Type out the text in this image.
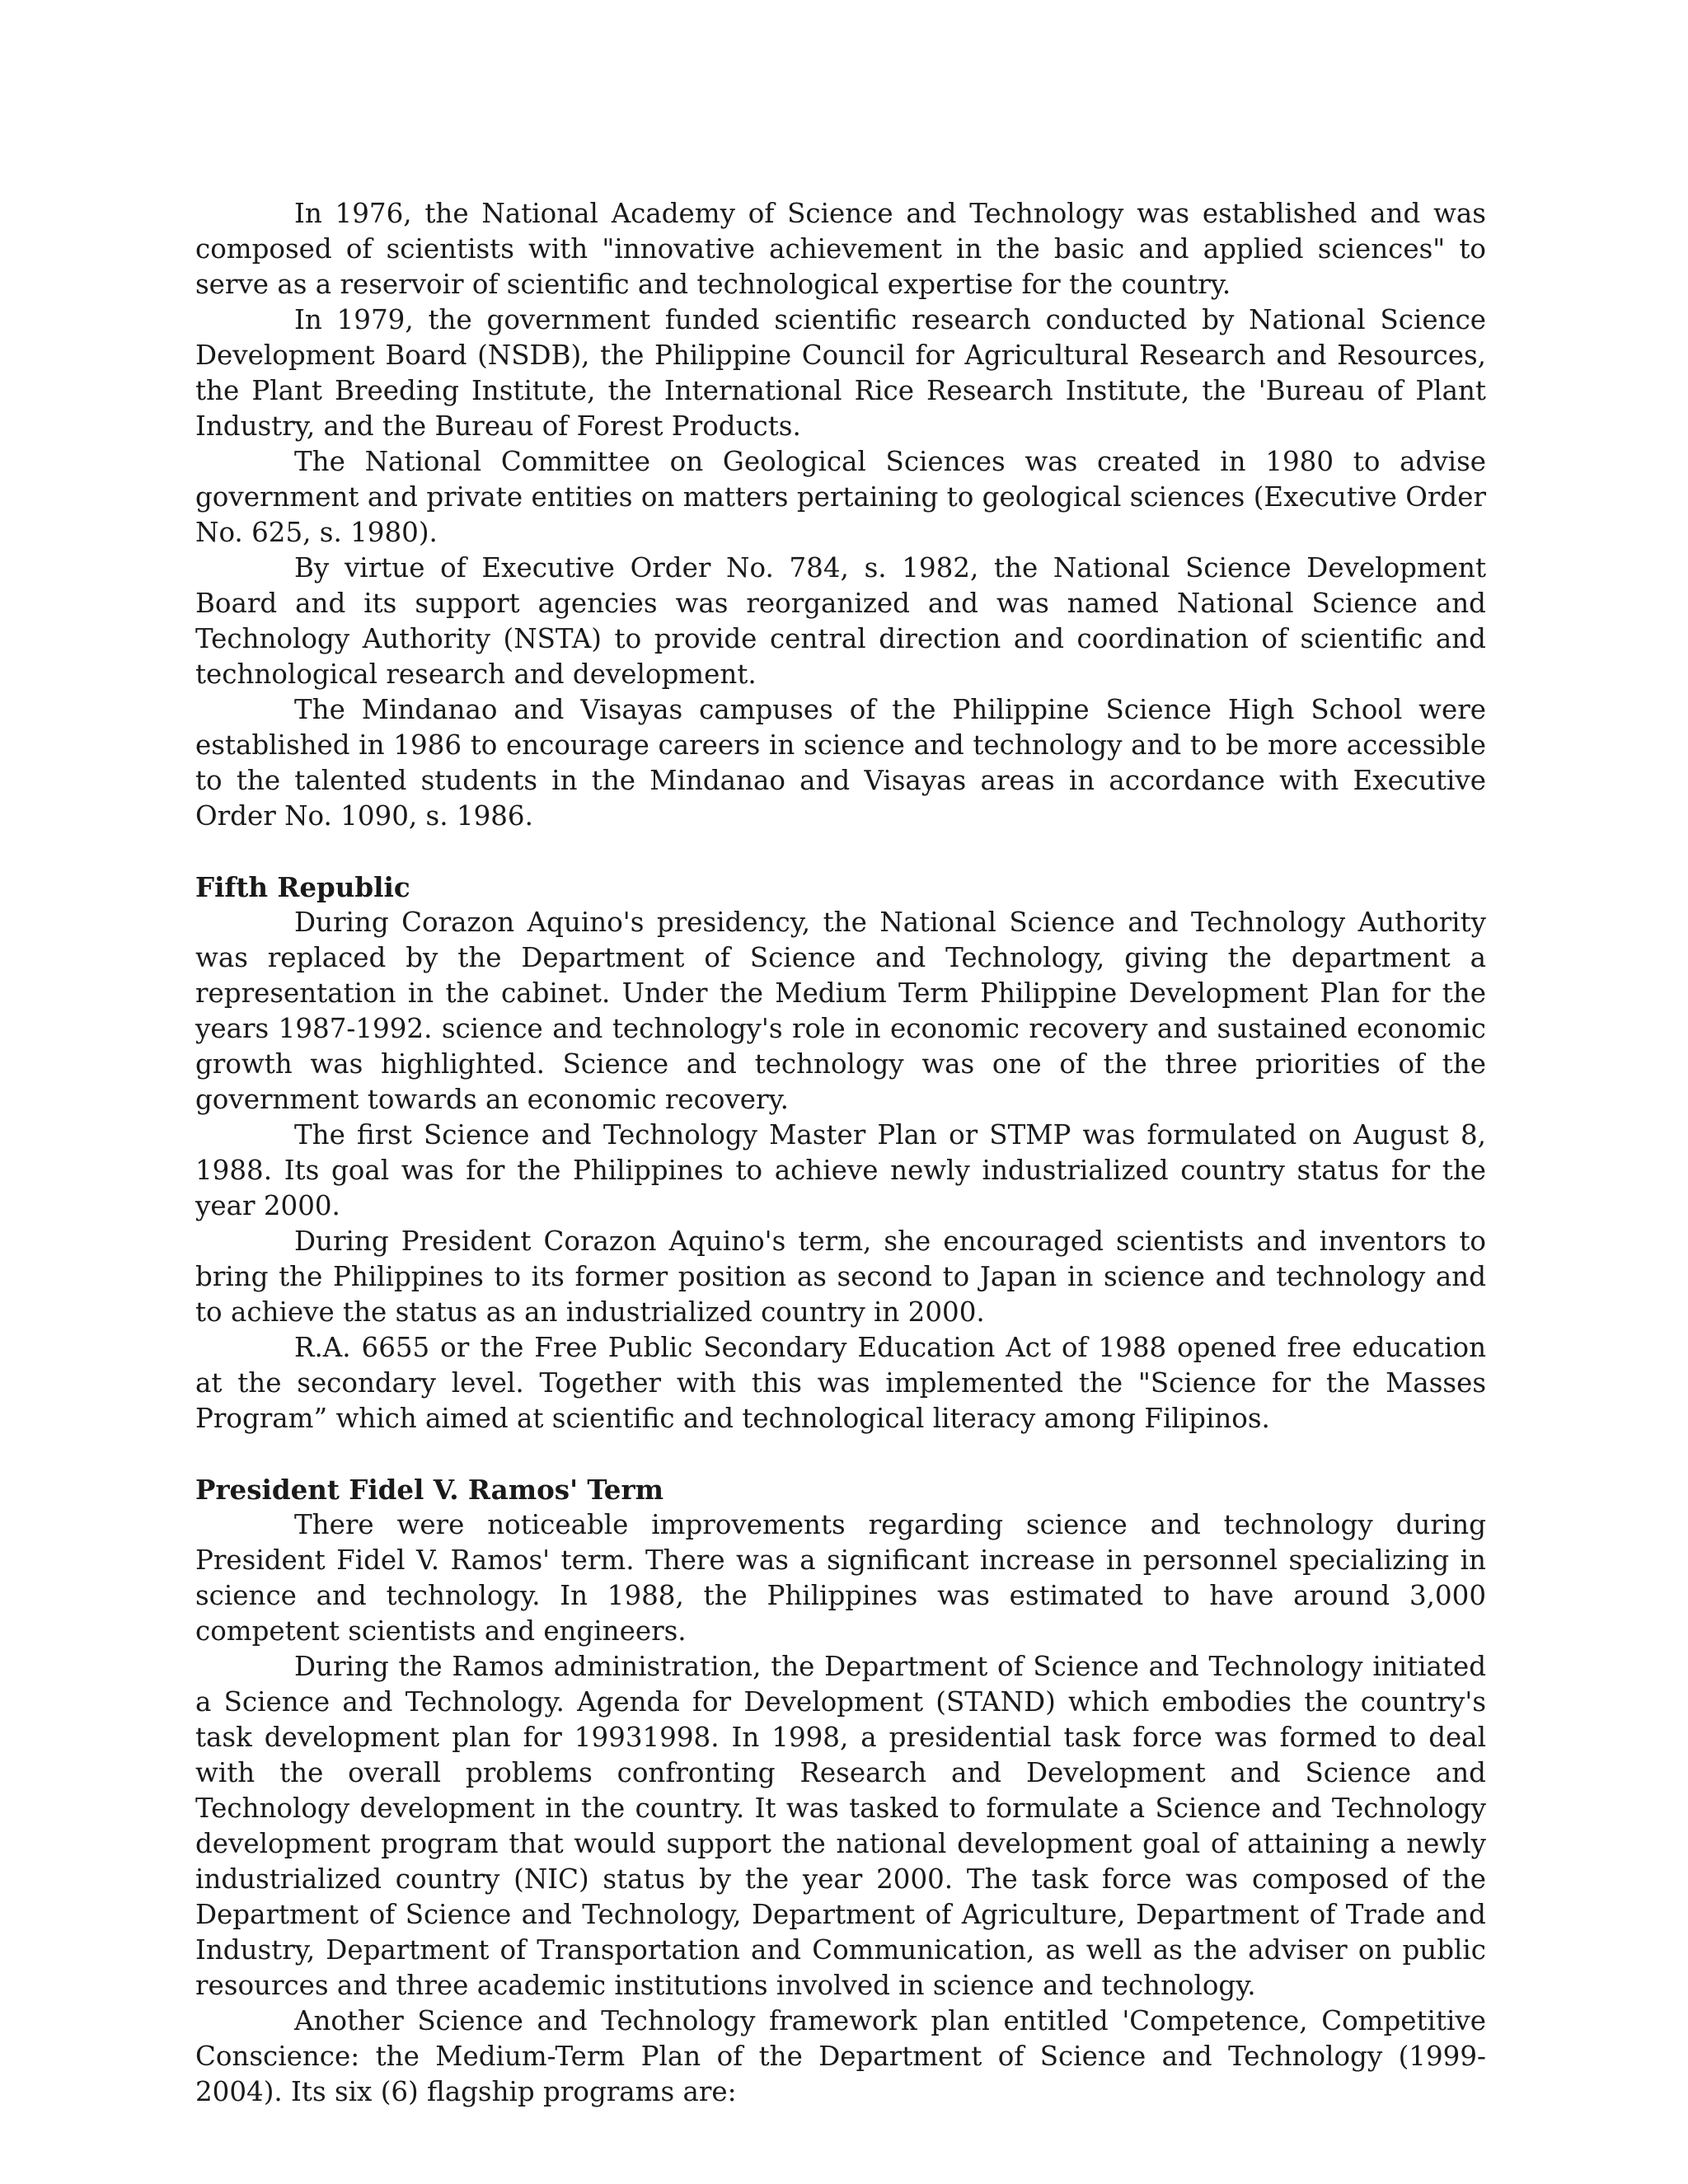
In 1976, the National Academy of Science and Technology was established and was composed of scientists with "innovative achievement in the basic and applied sciences" to serve as a reservoir of scientific and technological expertise for the country.

In 1979, the government funded scientific research conducted by National Science Development Board (NSDB), the Philippine Council for Agricultural Research and Resources, the Plant Breeding Institute, the International Rice Research Institute, the 'Bureau of Plant Industry, and the Bureau of Forest Products.

The National Committee on Geological Sciences was created in 1980 to advise government and private entities on matters pertaining to geological sciences (Executive Order No. 625, s. 1980).

By virtue of Executive Order No. 784, s. 1982, the National Science Development Board and its support agencies was reorganized and was named National Science and Technology Authority (NSTA) to provide central direction and coordination of scientific and technological research and development.

The Mindanao and Visayas campuses of the Philippine Science High School were established in 1986 to encourage careers in science and technology and to be more accessible to the talented students in the Mindanao and Visayas areas in accordance with Executive Order No. 1090, s. 1986.

Fifth Republic

During Corazon Aquino's presidency, the National Science and Technology Authority was replaced by the Department of Science and Technology, giving the department a representation in the cabinet. Under the Medium Term Philippine Development Plan for the years 1987-1992. science and technology's role in economic recovery and sustained economic growth was highlighted. Science and technology was one of the three priorities of the government towards an economic recovery.

The first Science and Technology Master Plan or STMP was formulated on August 8, 1988. Its goal was for the Philippines to achieve newly industrialized country status for the year 2000.

During President Corazon Aquino's term, she encouraged scientists and inventors to bring the Philippines to its former position as second to Japan in science and technology and to achieve the status as an industrialized country in 2000.

R.A. 6655 or the Free Public Secondary Education Act of 1988 opened free education at the secondary level. Together with this was implemented the "Science for the Masses Program” which aimed at scientific and technological literacy among Filipinos.

President Fidel V. Ramos' Term

There were noticeable improvements regarding science and technology during President Fidel V. Ramos' term. There was a significant increase in personnel specializing in science and technology. In 1988, the Philippines was estimated to have around 3,000 competent scientists and engineers.

During the Ramos administration, the Department of Science and Technology initiated a Science and Technology. Agenda for Development (STAND) which embodies the country's task development plan for 19931998. In 1998, a presidential task force was formed to deal with the overall problems confronting Research and Development and Science and Technology development in the country. It was tasked to formulate a Science and Technology development program that would support the national development goal of attaining a newly industrialized country (NIC) status by the year 2000. The task force was composed of the Department of Science and Technology, Department of Agriculture, Department of Trade and Industry, Department of Transportation and Communication, as well as the adviser on public resources and three academic institutions involved in science and technology.

Another Science and Technology framework plan entitled 'Competence, Competitive Conscience: the Medium-Term Plan of the Department of Science and Technology (1999-2004). Its six (6) flagship programs are:
